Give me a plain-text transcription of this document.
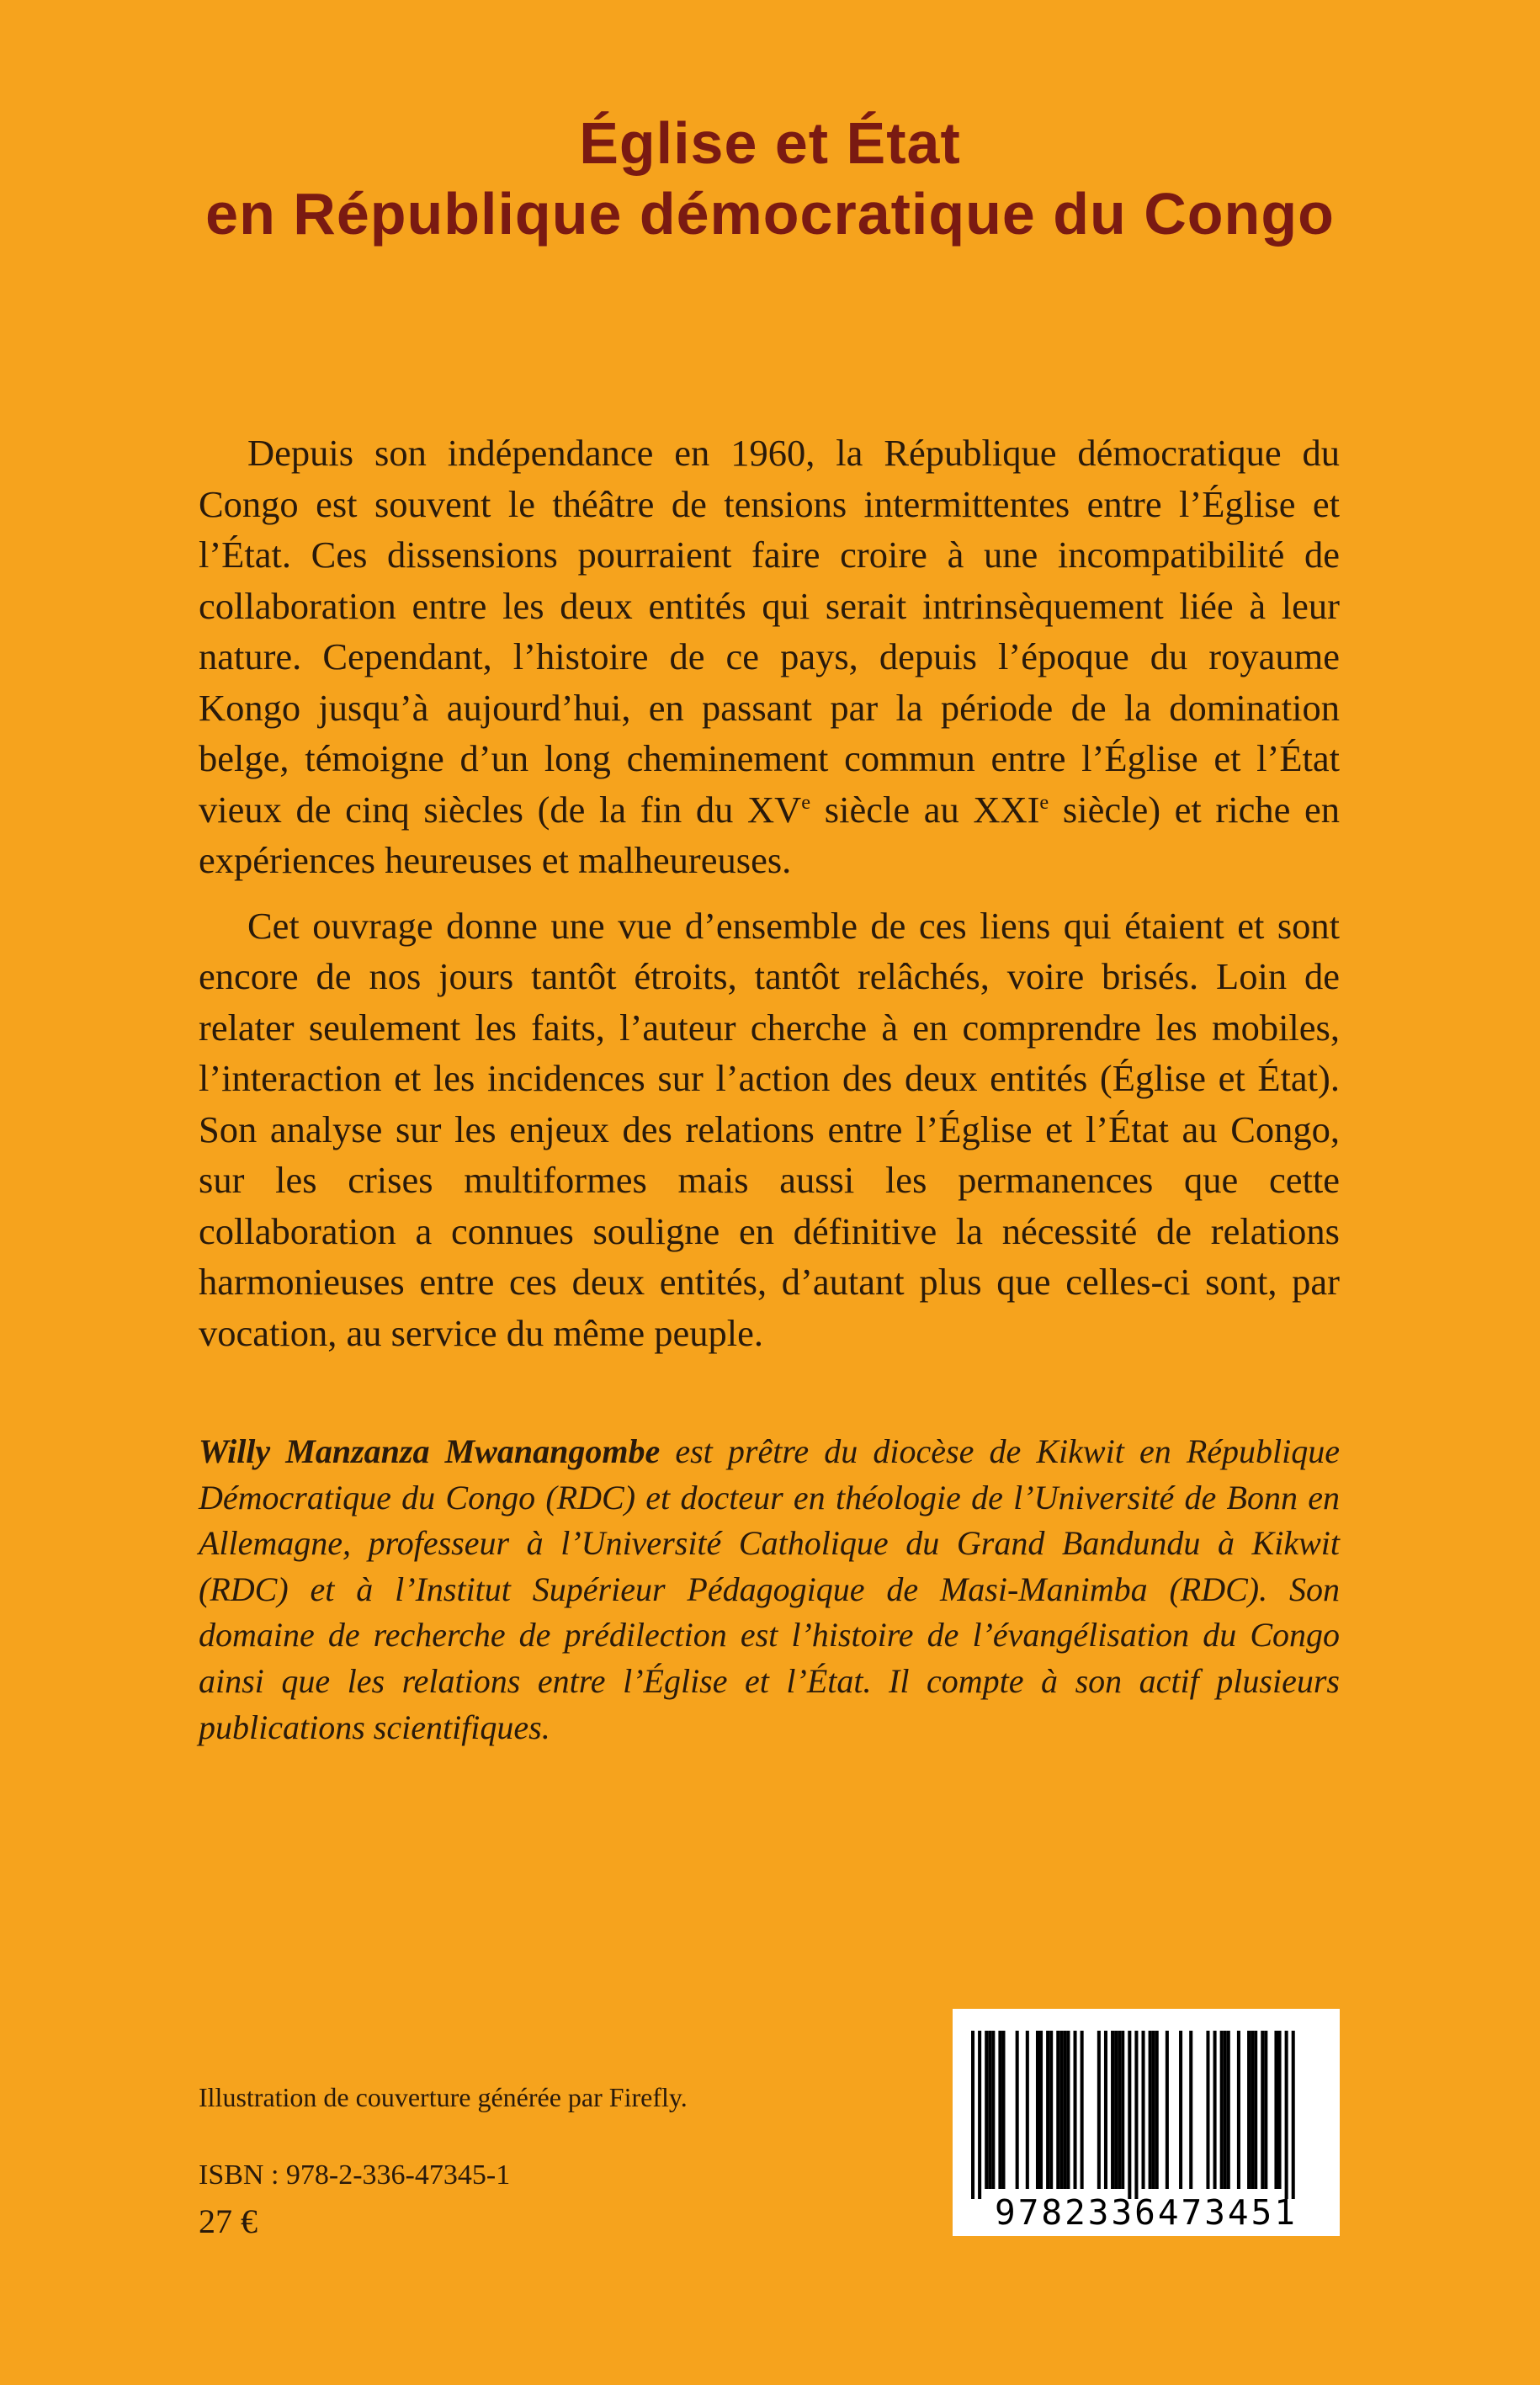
Église et État
en République démocratique du Congo

Depuis son indépendance en 1960, la République démocratique du Congo est souvent le théâtre de tensions intermittentes entre l’Église et l’État. Ces dissensions pourraient faire croire à une incompatibilité de collaboration entre les deux entités qui serait intrinsèquement liée à leur nature. Cependant, l’histoire de ce pays, depuis l’époque du royaume Kongo jusqu’à aujourd’hui, en passant par la période de la domination belge, témoigne d’un long cheminement commun entre l’Église et l’État vieux de cinq siècles (de la fin du XVe siècle au XXIe siècle) et riche en expériences heureuses et malheureuses.

Cet ouvrage donne une vue d’ensemble de ces liens qui étaient et sont encore de nos jours tantôt étroits, tantôt relâchés, voire brisés. Loin de relater seulement les faits, l’auteur cherche à en comprendre les mobiles, l’interaction et les incidences sur l’action des deux entités (Église et État). Son analyse sur les enjeux des relations entre l’Église et l’État au Congo, sur les crises multiformes mais aussi les permanences que cette collaboration a connues souligne en définitive la nécessité de relations harmonieuses entre ces deux entités, d’autant plus que celles-ci sont, par vocation, au service du même peuple.

Willy Manzanza Mwanangombe est prêtre du diocèse de Kikwit en République Démocratique du Congo (RDC) et docteur en théologie de l’Université de Bonn en Allemagne, professeur à l’Université Catholique du Grand Bandundu à Kikwit (RDC) et à l’Institut Supérieur Pédagogique de Masi-Manimba (RDC). Son domaine de recherche de prédilection est l’histoire de l’évangélisation du Congo ainsi que les relations entre l’Église et l’État. Il compte à son actif plusieurs publications scientifiques.
Illustration de couverture générée par Firefly.
ISBN : 978-2-336-47345-1
27 €	9782336473451
